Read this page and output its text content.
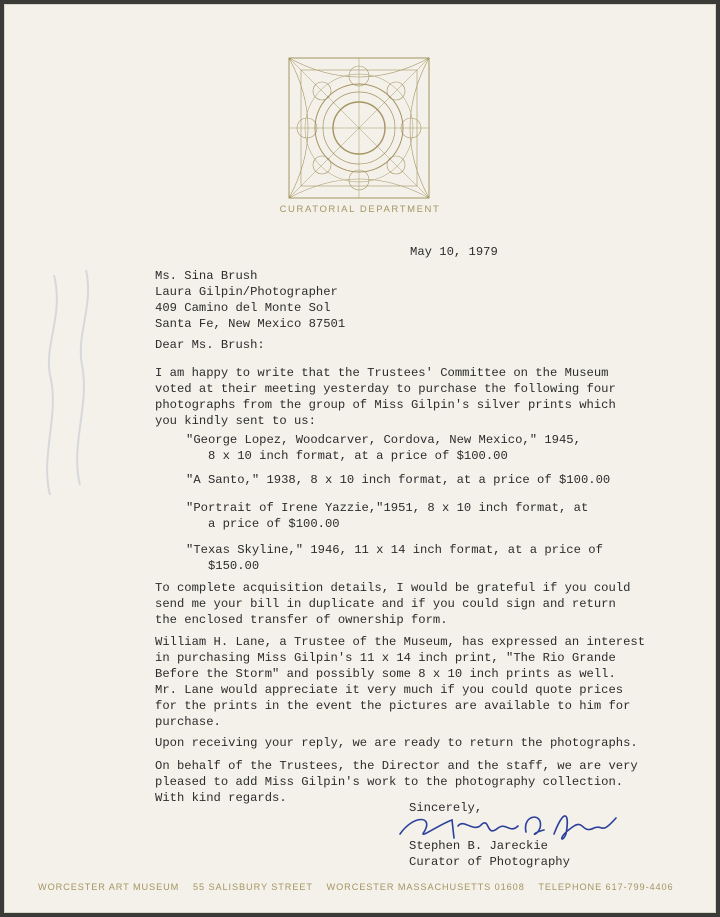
CURATORIAL DEPARTMENT

May 10, 1979

Ms. Sina Brush

Laura Gilpin/Photographer

409 Camino del Monte Sol

Santa Fe, New Mexico 87501

Dear Ms. Brush:

I am happy to write that the Trustees' Committee on the Museum

voted at their meeting yesterday to purchase the following four

photographs from the group of Miss Gilpin's silver prints which

you kindly sent to us:

"George Lopez, Woodcarver, Cordova, New Mexico," 1945,

8 x 10 inch format, at a price of $100.00

"A Santo," 1938, 8 x 10 inch format, at a price of $100.00

"Portrait of Irene Yazzie,"1951, 8 x 10 inch format, at

a price of $100.00

"Texas Skyline," 1946, 11 x 14 inch format, at a price of

$150.00

To complete acquisition details, I would be grateful if you could

send me your bill in duplicate and if you could sign and return

the enclosed transfer of ownership form.

William H. Lane, a Trustee of the Museum, has expressed an interest

in purchasing Miss Gilpin's 11 x 14 inch print, "The Rio Grande

Before the Storm" and possibly some 8 x 10 inch prints as well.

Mr. Lane would appreciate it very much if you could quote prices

for the prints in the event the pictures are available to him for

purchase.

Upon receiving your reply, we are ready to return the photographs.

On behalf of the Trustees, the Director and the staff, we are very

pleased to add Miss Gilpin's work to the photography collection.

With kind regards.

Sincerely,

Stephen B. Jareckie

Curator of Photography

WORCESTER ART MUSEUM    55 SALISBURY STREET    WORCESTER MASSACHUSETTS 01608    TELEPHONE 617-799-4406
